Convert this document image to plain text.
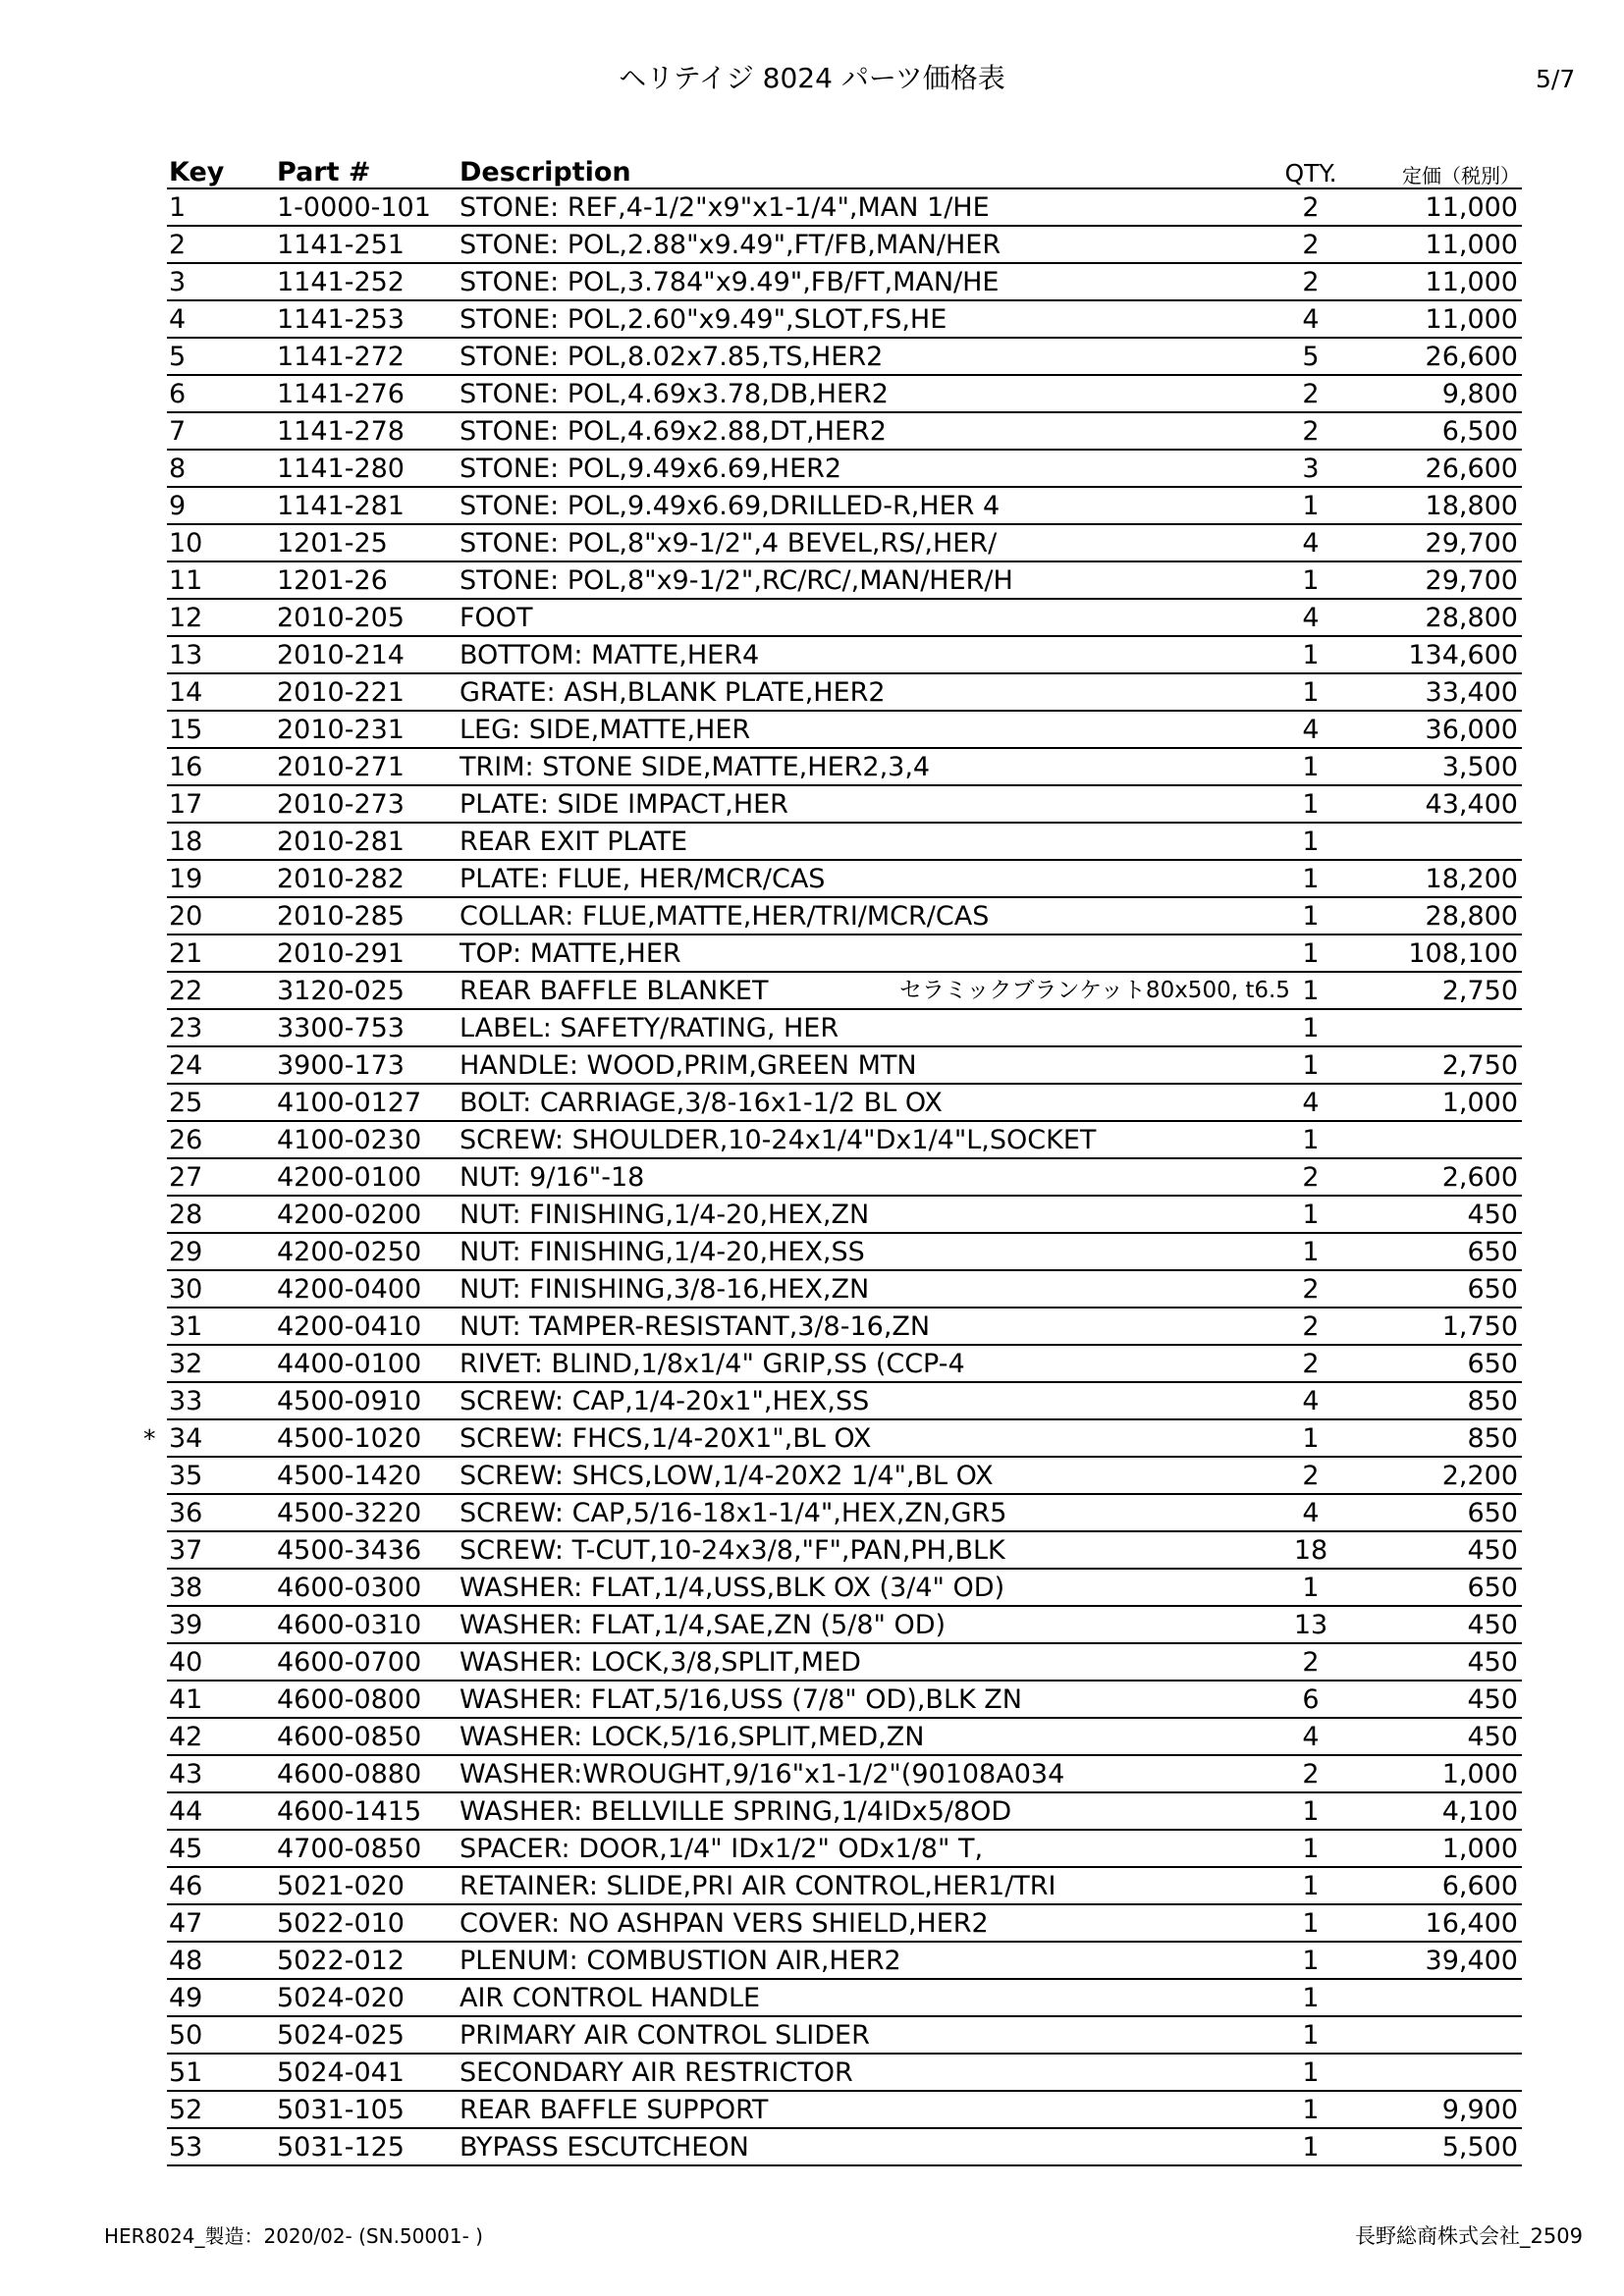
ヘリテイジ 8024 パーツ価格表	5/7
Key	Part #	Description	QTY.	定価（税別）
1	1-0000-101	STONE: REF,4-1/2"x9"x1-1/4",MAN 1/HE	2	11,000
2	1141-251	STONE: POL,2.88"x9.49",FT/FB,MAN/HER	2	11,000
3	1141-252	STONE: POL,3.784"x9.49",FB/FT,MAN/HE	2	11,000
4	1141-253	STONE: POL,2.60"x9.49",SLOT,FS,HE	4	11,000
5	1141-272	STONE: POL,8.02x7.85,TS,HER2	5	26,600
6	1141-276	STONE: POL,4.69x3.78,DB,HER2	2	9,800
7	1141-278	STONE: POL,4.69x2.88,DT,HER2	2	6,500
8	1141-280	STONE: POL,9.49x6.69,HER2	3	26,600
9	1141-281	STONE: POL,9.49x6.69,DRILLED-R,HER 4	1	18,800
10	1201-25	STONE: POL,8"x9-1/2",4 BEVEL,RS/,HER/	4	29,700
11	1201-26	STONE: POL,8"x9-1/2",RC/RC/,MAN/HER/H	1	29,700
12	2010-205	FOOT	4	28,800
13	2010-214	BOTTOM: MATTE,HER4	1	134,600
14	2010-221	GRATE: ASH,BLANK PLATE,HER2	1	33,400
15	2010-231	LEG: SIDE,MATTE,HER	4	36,000
16	2010-271	TRIM: STONE SIDE,MATTE,HER2,3,4	1	3,500
17	2010-273	PLATE: SIDE IMPACT,HER	1	43,400
18	2010-281	REAR EXIT PLATE	1	
19	2010-282	PLATE: FLUE, HER/MCR/CAS	1	18,200
20	2010-285	COLLAR: FLUE,MATTE,HER/TRI/MCR/CAS	1	28,800
21	2010-291	TOP: MATTE,HER	1	108,100
22	3120-025	REAR BAFFLE BLANKET セラミックブランケット80x500, t6.5	1	2,750
23	3300-753	LABEL: SAFETY/RATING, HER	1	
24	3900-173	HANDLE: WOOD,PRIM,GREEN MTN	1	2,750
25	4100-0127	BOLT: CARRIAGE,3/8-16x1-1/2 BL OX	4	1,000
26	4100-0230	SCREW: SHOULDER,10-24x1/4"Dx1/4"L,SOCKET	1	
27	4200-0100	NUT: 9/16"-18	2	2,600
28	4200-0200	NUT: FINISHING,1/4-20,HEX,ZN	1	450
29	4200-0250	NUT: FINISHING,1/4-20,HEX,SS	1	650
30	4200-0400	NUT: FINISHING,3/8-16,HEX,ZN	2	650
31	4200-0410	NUT: TAMPER-RESISTANT,3/8-16,ZN	2	1,750
32	4400-0100	RIVET: BLIND,1/8x1/4" GRIP,SS (CCP-4	2	650
33	4500-0910	SCREW: CAP,1/4-20x1",HEX,SS	4	850

* 34	4500-1020	SCREW: FHCS,1/4-20X1",BL OX	1	850
35	4500-1420	SCREW: SHCS,LOW,1/4-20X2 1/4",BL OX	2	2,200
36	4500-3220	SCREW: CAP,5/16-18x1-1/4",HEX,ZN,GR5	4	650
37	4500-3436	SCREW: T-CUT,10-24x3/8,"F",PAN,PH,BLK	18	450
38	4600-0300	WASHER: FLAT,1/4,USS,BLK OX (3/4" OD)	1	650
39	4600-0310	WASHER: FLAT,1/4,SAE,ZN (5/8" OD)	13	450
40	4600-0700	WASHER: LOCK,3/8,SPLIT,MED	2	450
41	4600-0800	WASHER: FLAT,5/16,USS (7/8" OD),BLK ZN	6	450
42	4600-0850	WASHER: LOCK,5/16,SPLIT,MED,ZN	4	450
43	4600-0880	WASHER:WROUGHT,9/16"x1-1/2"(90108A034	2	1,000
44	4600-1415	WASHER: BELLVILLE SPRING,1/4IDx5/8OD	1	4,100
45	4700-0850	SPACER: DOOR,1/4" IDx1/2" ODx1/8" T,	1	1,000
46	5021-020	RETAINER: SLIDE,PRI AIR CONTROL,HER1/TRI	1	6,600
47	5022-010	COVER: NO ASHPAN VERS SHIELD,HER2	1	16,400
48	5022-012	PLENUM: COMBUSTION AIR,HER2	1	39,400
49	5024-020	AIR CONTROL HANDLE	1	
50	5024-025	PRIMARY AIR CONTROL SLIDER	1	
51	5024-041	SECONDARY AIR RESTRICTOR	1	
52	5031-105	REAR BAFFLE SUPPORT	1	9,900
53	5031-125	BYPASS ESCUTCHEON	1	5,500
HER8024_製造：2020/02- (SN.50001- )	長野総商株式会社_2509
